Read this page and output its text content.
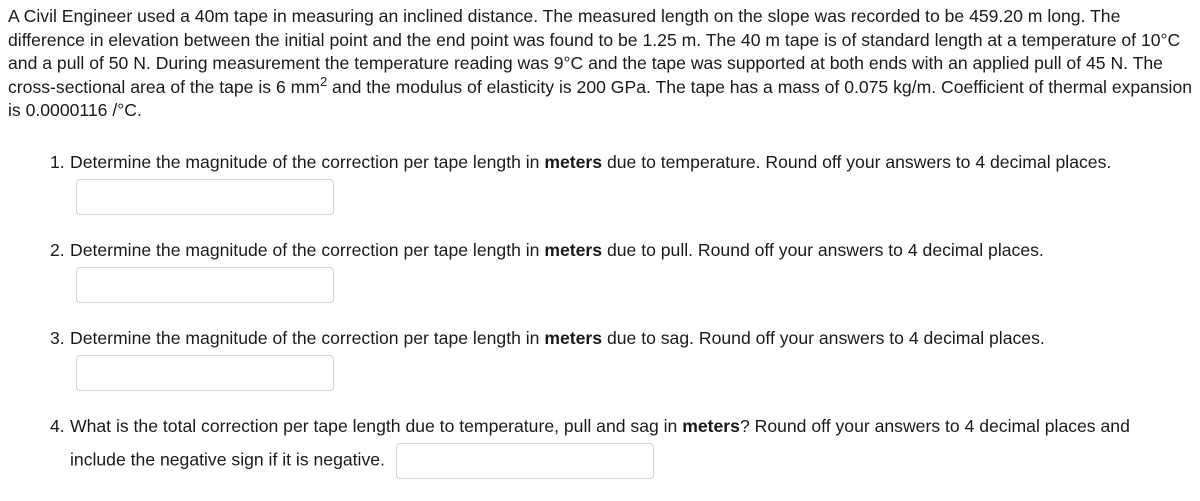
A Civil Engineer used a 40m tape in measuring an inclined distance. The measured length on the slope was recorded to be 459.20 m long. The difference in elevation between the initial point and the end point was found to be 1.25 m. The 40 m tape is of standard length at a temperature of 10°C and a pull of 50 N. During measurement the temperature reading was 9°C and the tape was supported at both ends with an applied pull of 45 N. The cross-sectional area of the tape is 6 $mm^2$ and the modulus of elasticity is 200 GPa. The tape has a mass of 0.075 kg/m. Coefficient of thermal expansion is 0.0000116 /°C.

1. Determine the magnitude of the correction per tape length in meters due to temperature. Round off your answers to 4 decimal places.
2. Determine the magnitude of the correction per tape length in meters due to pull. Round off your answers to 4 decimal places.
3. Determine the magnitude of the correction per tape length in meters due to sag. Round off your answers to 4 decimal places.
4. What is the total correction per tape length due to temperature, pull and sag in meters? Round off your answers to 4 decimal places and include the negative sign if it is negative.
